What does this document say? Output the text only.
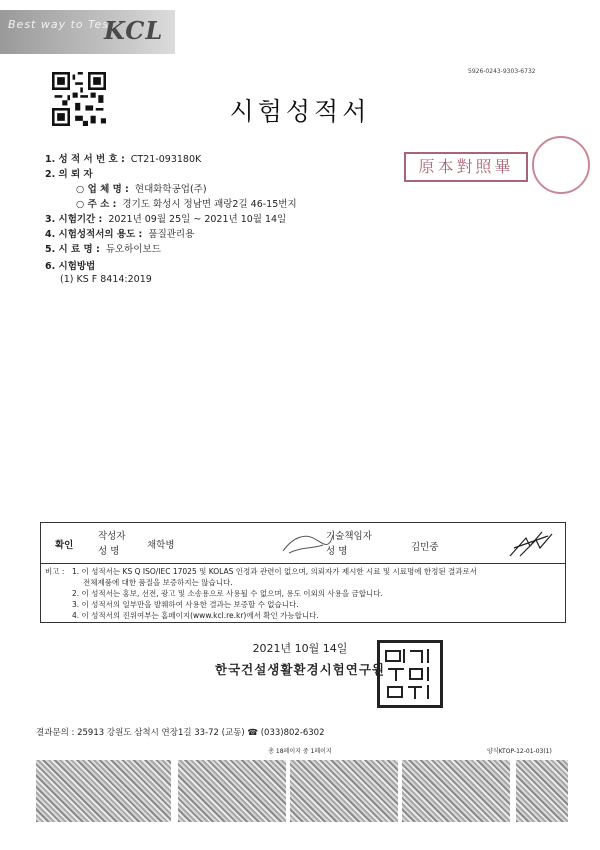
Best way to Test
KCL
5926-0243-9303-6732
시험성적서
原本對照畢
1. 성 적 서 번 호 : CT21-093180K
2. 의 뢰 자
○ 업 체 명 : 현대화학공업(주)
○ 주 소 : 경기도 화성시 정남면 괘랑2길 46-15번지
3. 시험기간 : 2021년 09월 25일 ~ 2021년 10월 14일
4. 시험성적서의 용도 : 품질관리용
5. 시 료 명 : 듀오하이보드
6. 시험방법
(1) KS F 8414:2019
확인
작성자
성 명
채학병
기술책임자
성 명	김민중
비고 : 1. 이 성적서는 KS Q ISO/IEC 17025 및 KOLAS 인정과 관련이 없으며, 의뢰자가 제시한 시료 및 시료명에 한정된 결과로서
전체제품에 대한 품질을 보증하지는 않습니다.
2. 이 성적서는 홍보, 선전, 광고 및 소송용으로 사용될 수 없으며, 용도 이외의 사용을 금합니다.
3. 이 성적서의 일부만을 발췌하여 사용한 결과는 보증할 수 없습니다.
4. 이 성적서의 진위여부는 홈페이지(www.kcl.re.kr)에서 확인 가능합니다.
2021년 10월 14일
한국건설생활환경시험연구원
결과문의 : 25913 강원도 삼척시 연장1길 33-72 (교동) ☎ (033)802-6302
총 18페이지 중 1페이지	양식KTOP-12-01-03(1)
